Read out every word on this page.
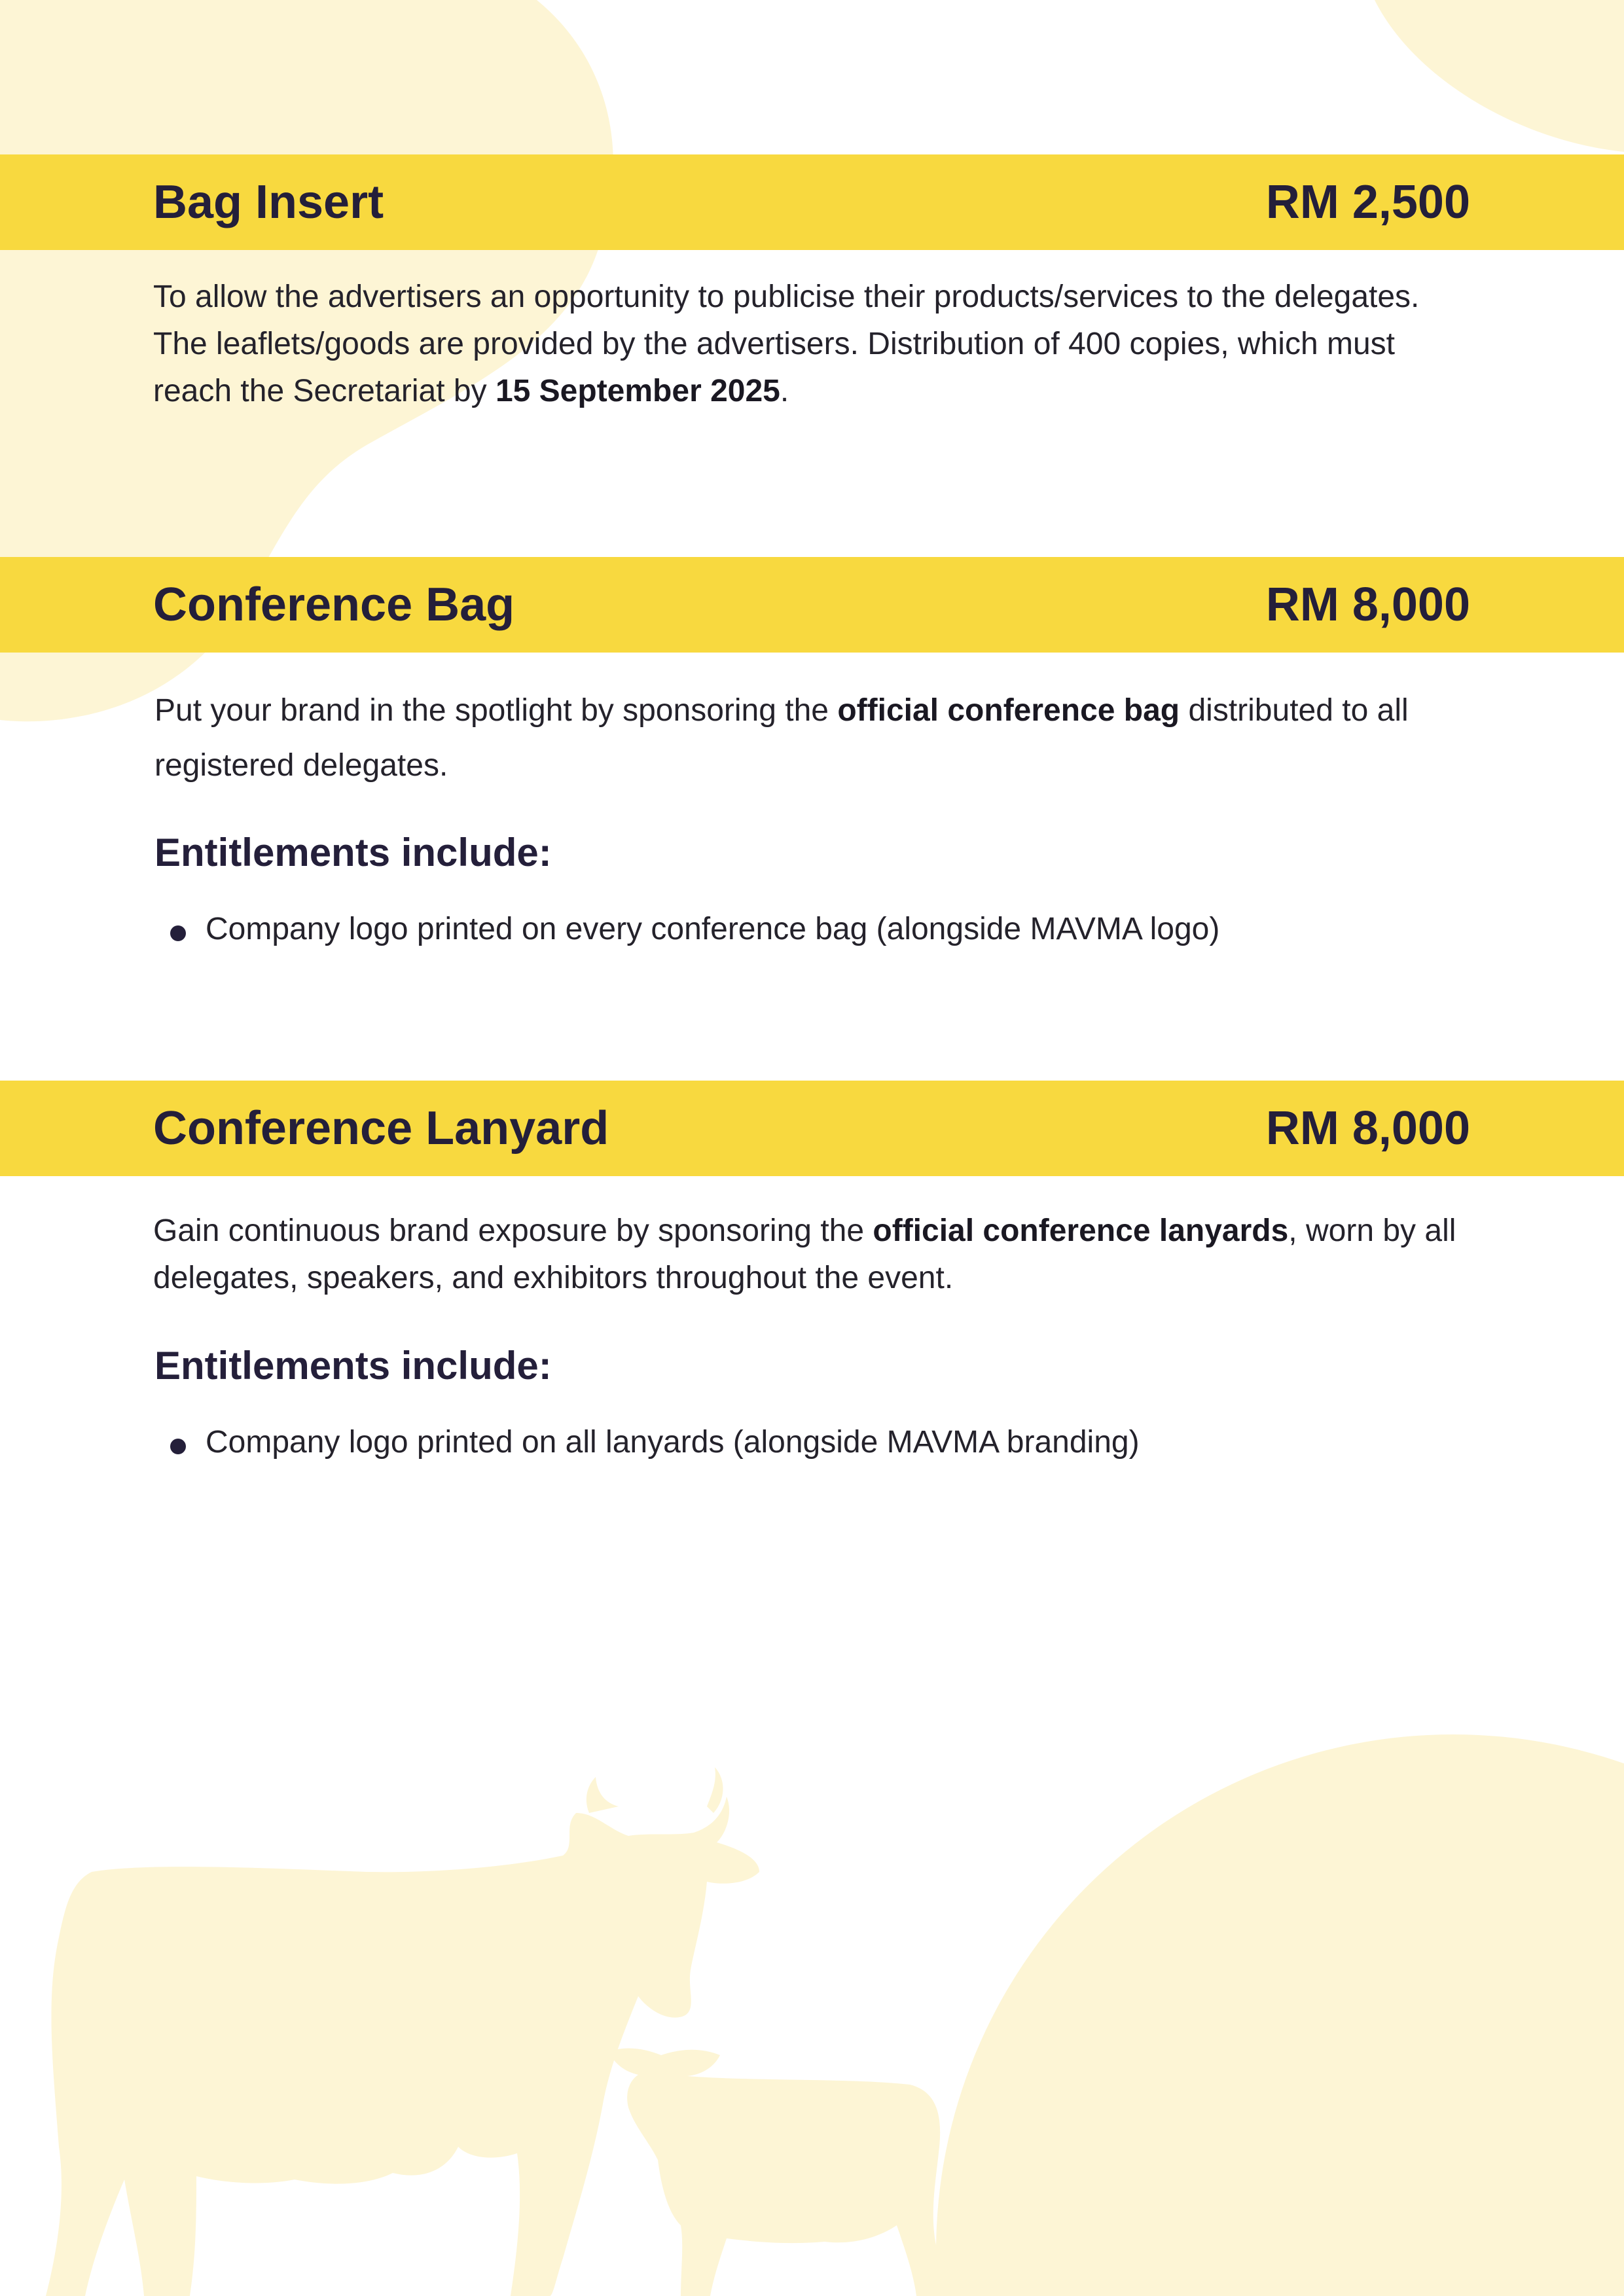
Bag Insert	RM 2,500

To allow the advertisers an opportunity to publicise their products/services to the delegates. The leaflets/goods are provided by the advertisers. Distribution of 400 copies, which must reach the Secretariat by 15 September 2025.

Conference Bag	RM 8,000

Put your brand in the spotlight by sponsoring the official conference bag distributed to all registered delegates.

Entitlements include:
Company logo printed on every conference bag (alongside MAVMA logo)
Conference Lanyard	RM 8,000

Gain continuous brand exposure by sponsoring the official conference lanyards, worn by all delegates, speakers, and exhibitors throughout the event.

Entitlements include:
Company logo printed on all lanyards (alongside MAVMA branding)
